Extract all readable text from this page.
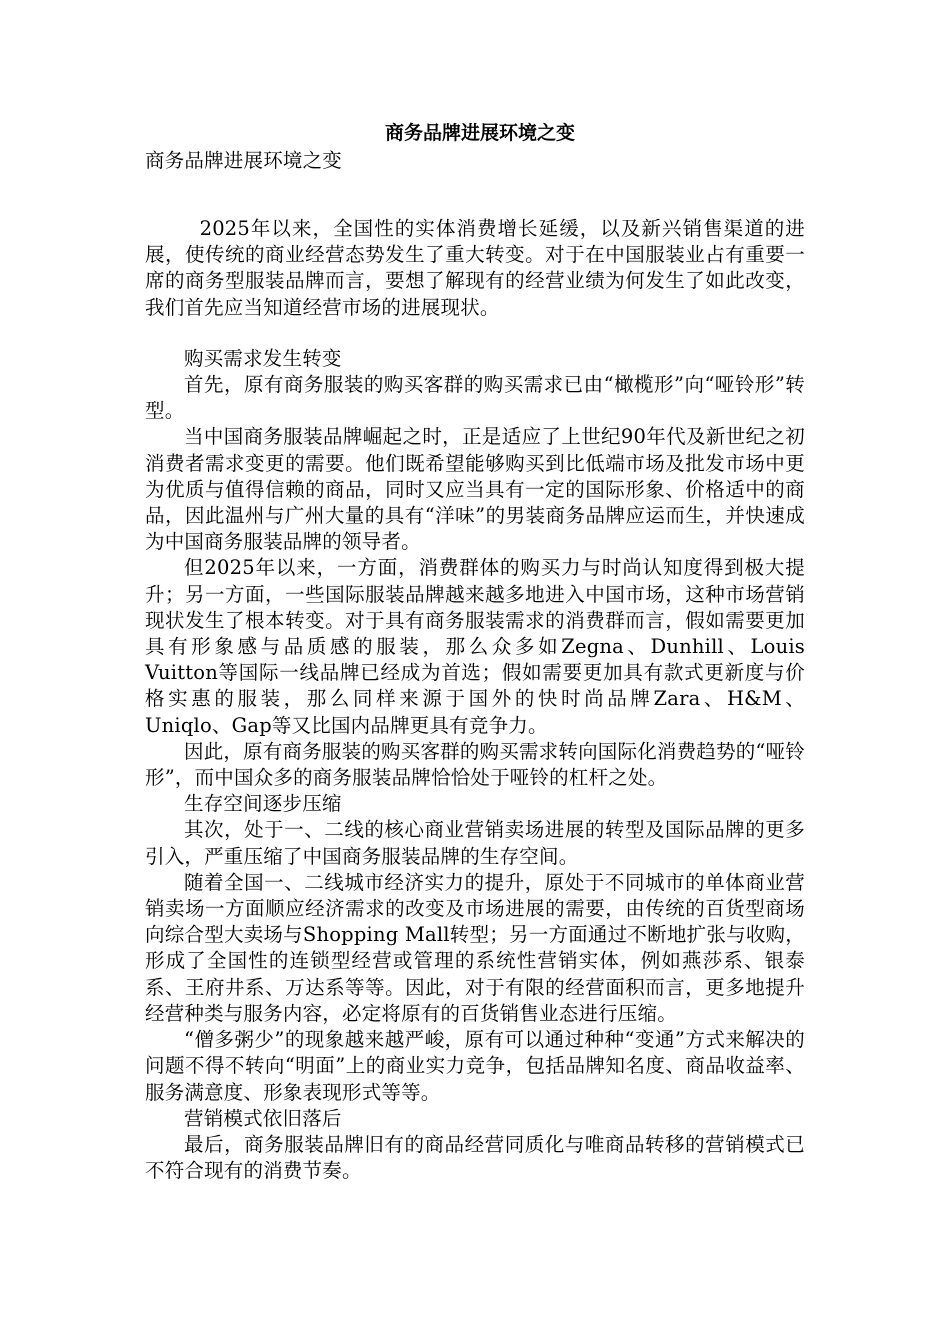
商务品牌进展环境之变
商务品牌进展环境之变

2025年以来，全国性的实体消费增长延缓，以及新兴销售渠道的进展，使传统的商业经营态势发生了重大转变。对于在中国服装业占有重要一席的商务型服装品牌而言，要想了解现有的经营业绩为何发生了如此改变，我们首先应当知道经营市场的进展现状。

购买需求发生转变

首先，原有商务服装的购买客群的购买需求已由“橄榄形”向“哑铃形”转型。

当中国商务服装品牌崛起之时，正是适应了上世纪90年代及新世纪之初消费者需求变更的需要。他们既希望能够购买到比低端市场及批发市场中更为优质与值得信赖的商品，同时又应当具有一定的国际形象、价格适中的商品，因此温州与广州大量的具有“洋味”的男装商务品牌应运而生，并快速成为中国商务服装品牌的领导者。

但2025年以来，一方面，消费群体的购买力与时尚认知度得到极大提升；另一方面，一些国际服装品牌越来越多地进入中国市场，这种市场营销现状发生了根本转变。对于具有商务服装需求的消费群而言，假如需要更加具有形象感与品质感的服装，那么众多如Zegna、Dunhill、Louis Vuitton等国际一线品牌已经成为首选；假如需要更加具有款式更新度与价格实惠的服装，那么同样来源于国外的快时尚品牌Zara、H&M、Uniqlo、Gap等又比国内品牌更具有竞争力。

因此，原有商务服装的购买客群的购买需求转向国际化消费趋势的“哑铃形”，而中国众多的商务服装品牌恰恰处于哑铃的杠杆之处。

生存空间逐步压缩

其次，处于一、二线的核心商业营销卖场进展的转型及国际品牌的更多引入，严重压缩了中国商务服装品牌的生存空间。

随着全国一、二线城市经济实力的提升，原处于不同城市的单体商业营销卖场一方面顺应经济需求的改变及市场进展的需要，由传统的百货型商场向综合型大卖场与Shopping Mall转型；另一方面通过不断地扩张与收购，形成了全国性的连锁型经营或管理的系统性营销实体，例如燕莎系、银泰系、王府井系、万达系等等。因此，对于有限的经营面积而言，更多地提升经营种类与服务内容，必定将原有的百货销售业态进行压缩。

“僧多粥少”的现象越来越严峻，原有可以通过种种“变通”方式来解决的问题不得不转向“明面”上的商业实力竞争，包括品牌知名度、商品收益率、服务满意度、形象表现形式等等。

营销模式依旧落后

最后，商务服装品牌旧有的商品经营同质化与唯商品转移的营销模式已不符合现有的消费节奏。
